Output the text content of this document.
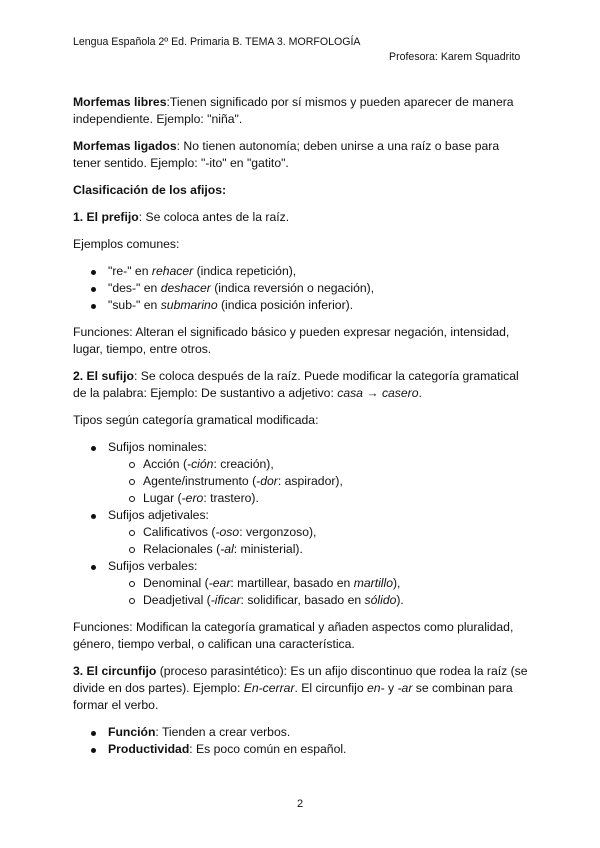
Lengua Española 2º Ed. Primaria B. TEMA 3. MORFOLOGÍA
Profesora: Karem Squadrito

Morfemas libres:Tienen significado por sí mismos y pueden aparecer de manera independiente. Ejemplo: "niña".

Morfemas ligados: No tienen autonomía; deben unirse a una raíz o base para tener sentido. Ejemplo: "-ito" en "gatito".

Clasificación de los afijos:

1. El prefijo: Se coloca antes de la raíz.

Ejemplos comunes:

"re-" en rehacer (indica repetición),
"des-" en deshacer (indica reversión o negación),
"sub-" en submarino (indica posición inferior).

Funciones: Alteran el significado básico y pueden expresar negación, intensidad, lugar, tiempo, entre otros.

2. El sufijo: Se coloca después de la raíz. Puede modificar la categoría gramatical de la palabra: Ejemplo: De sustantivo a adjetivo: casa → casero.

Tipos según categoría gramatical modificada:

Sufijos nominales:
Acción (-ción: creación),
Agente/instrumento (-dor: aspirador),
Lugar (-ero: trastero).
Sufijos adjetivales:
Calificativos (-oso: vergonzoso),
Relacionales (-al: ministerial).
Sufijos verbales:
Denominal (-ear: martillear, basado en martillo),
Deadjetival (-ificar: solidificar, basado en sólido).

Funciones: Modifican la categoría gramatical y añaden aspectos como pluralidad, género, tiempo verbal, o califican una característica.

3. El circunfijo (proceso parasintético): Es un afijo discontinuo que rodea la raíz (se divide en dos partes). Ejemplo: En-cerrar. El circunfijo en- y -ar se combinan para formar el verbo.

Función: Tienden a crear verbos.
Productividad: Es poco común en español.
2
